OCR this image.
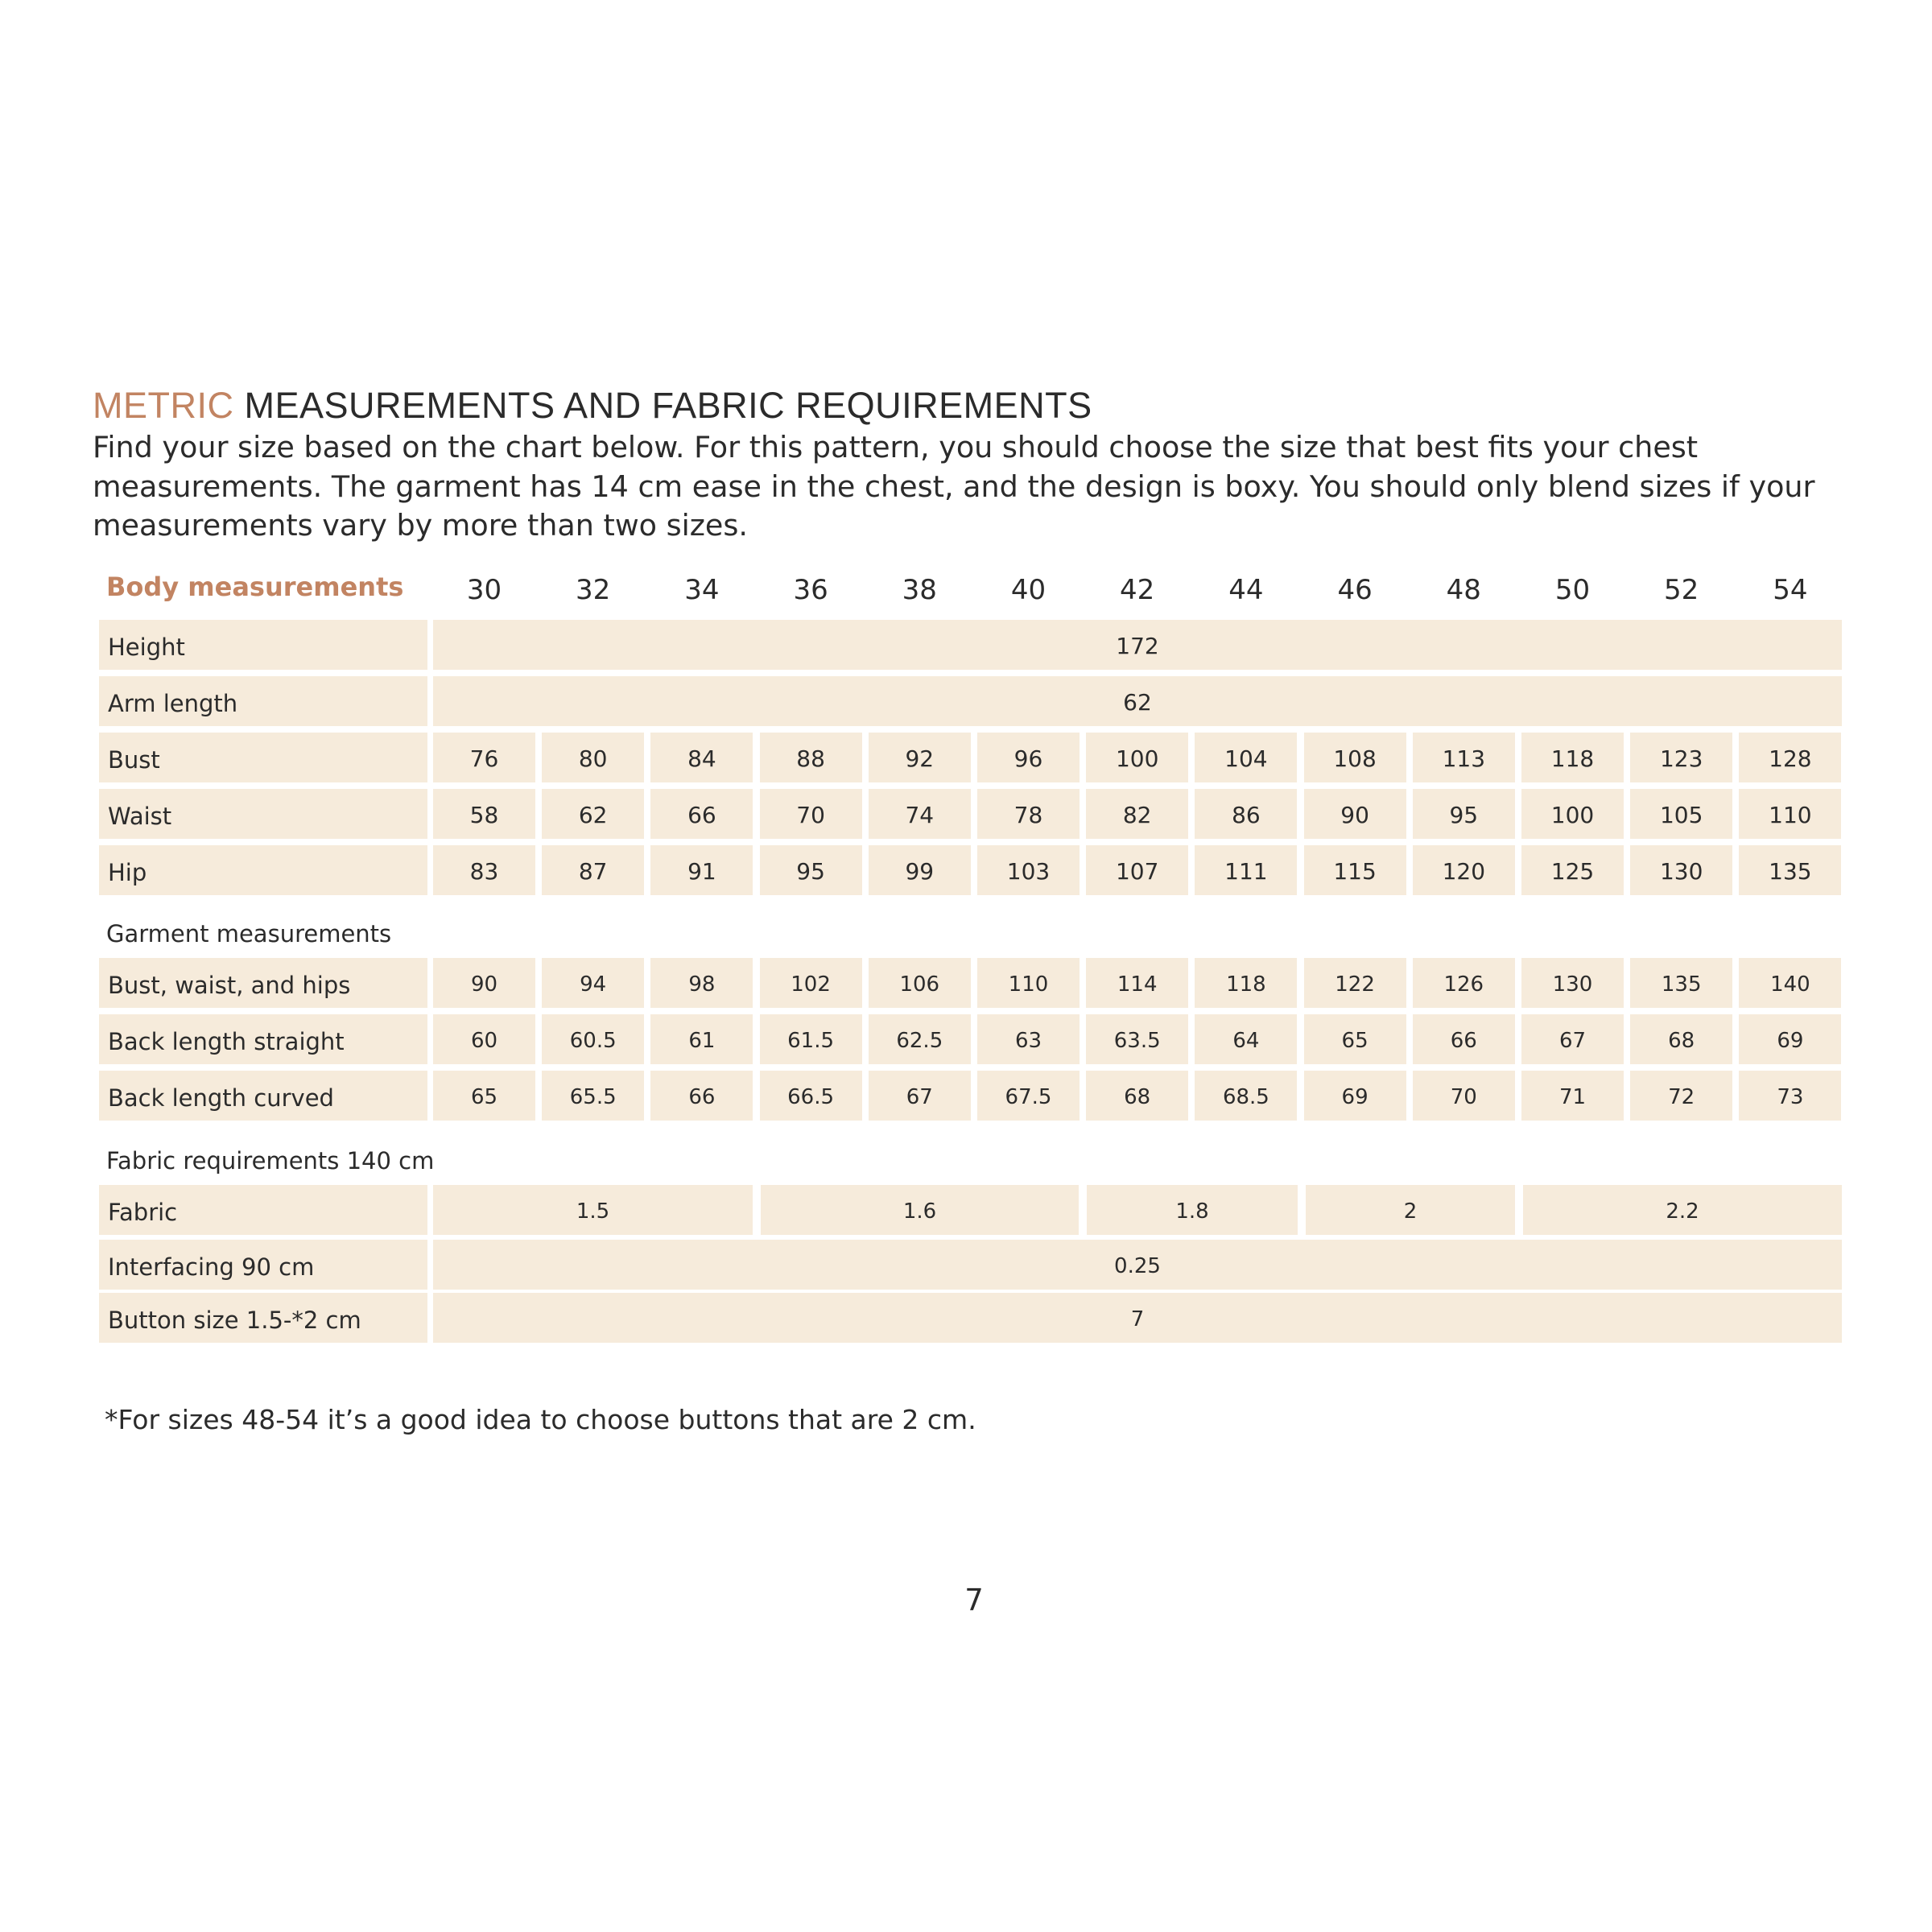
METRIC MEASUREMENTS AND FABRIC REQUIREMENTS
Find your size based on the chart below. For this pattern, you should choose the size that best fits your chest
measurements. The garment has 14 cm ease in the chest, and the design is boxy. You should only blend sizes if your
measurements vary by more than two sizes.
Body measurements	30	32	34	36	38	40	42	44	46	48	50	52	54
Height	172
Arm length	62
Bust	76	80	84	88	92	96	100	104	108	113	118	123	128
Waist	58	62	66	70	74	78	82	86	90	95	100	105	110
Hip	83	87	91	95	99	103	107	111	115	120	125	130	135
Garment measurements
Bust, waist, and hips	90	94	98	102	106	110	114	118	122	126	130	135	140
Back length straight	60	60.5	61	61.5	62.5	63	63.5	64	65	66	67	68	69
Back length curved	65	65.5	66	66.5	67	67.5	68	68.5	69	70	71	72	73
Fabric requirements 140 cm
Fabric	1.5	1.6	1.8	2	2.2
Interfacing 90 cm	0.25
Button size 1.5-*2 cm	7
*For sizes 48-54 it’s a good idea to choose buttons that are 2 cm.
7
